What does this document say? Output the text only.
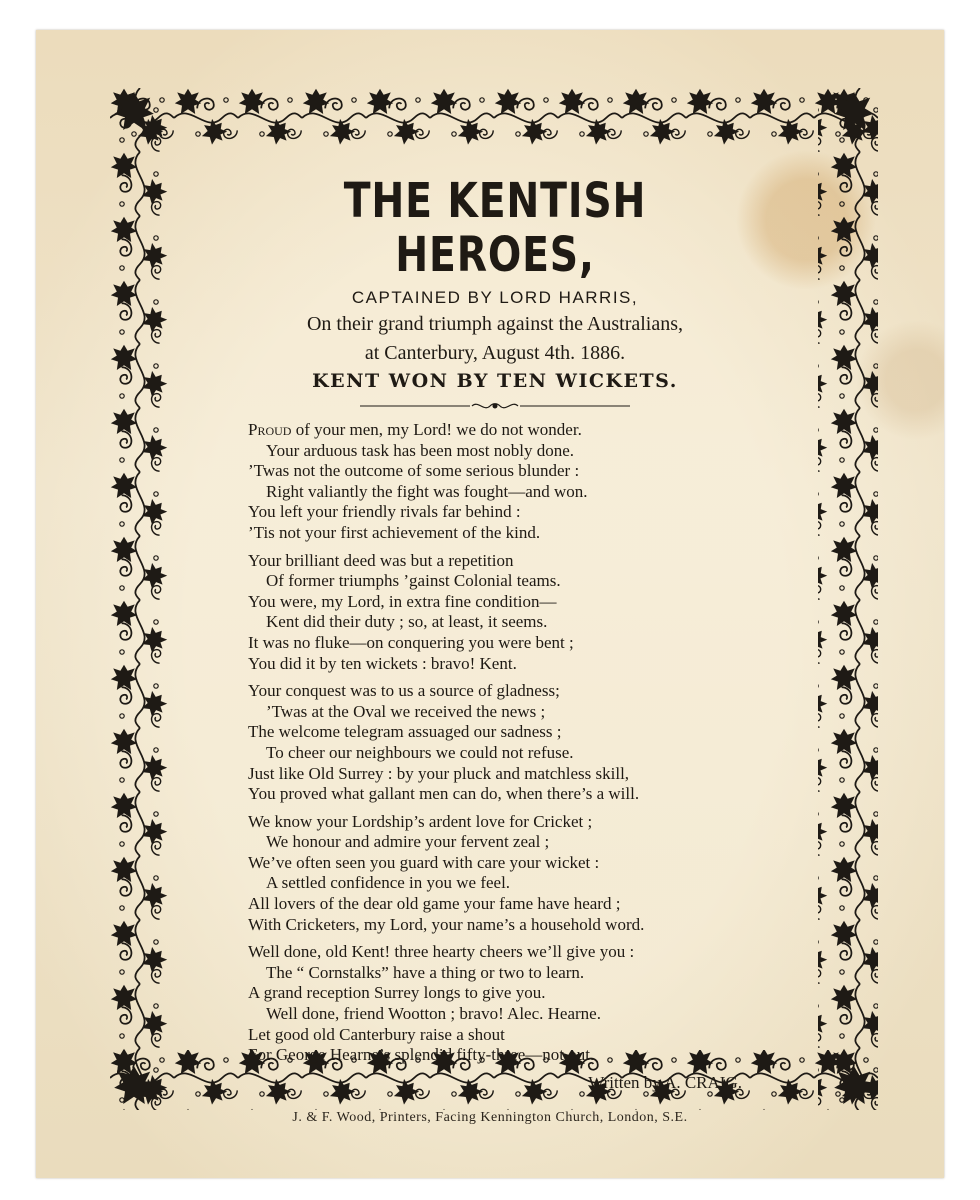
THE KENTISH HEROES,
CAPTAINED BY LORD HARRIS,
On their grand triumph against the Australians,
at Canterbury, August 4th. 1886.
KENT WON BY TEN WICKETS.
Proud of your men, my Lord! we do not wonder.
Your arduous task has been most nobly done.
’Twas not the outcome of some serious blunder :
Right valiantly the fight was fought—and won.
You left your friendly rivals far behind :
’Tis not your first achievement of the kind.
Your brilliant deed was but a repetition
Of former triumphs ’gainst Colonial teams.
You were, my Lord, in extra fine condition—
Kent did their duty ; so, at least, it seems.
It was no fluke—on conquering you were bent ;
You did it by ten wickets : bravo! Kent.
Your conquest was to us a source of gladness;
’Twas at the Oval we received the news ;
The welcome telegram assuaged our sadness ;
To cheer our neighbours we could not refuse.
Just like Old Surrey : by your pluck and matchless skill,
You proved what gallant men can do, when there’s a will.
We know your Lordship’s ardent love for Cricket ;
We honour and admire your fervent zeal ;
We’ve often seen you guard with care your wicket :
A settled confidence in you we feel.
All lovers of the dear old game your fame have heard ;
With Cricketers, my Lord, your name’s a household word.
Well done, old Kent! three hearty cheers we’ll give you :
The “ Cornstalks” have a thing or two to learn.
A grand reception Surrey longs to give you.
Well done, friend Wootton ; bravo! Alec. Hearne.
Let good old Canterbury raise a shout
For George Hearne’s splendid fifty-three—not out.
Written by A. CRAIG.
J. & F. Wood, Printers, Facing Kennington Church, London, S.E.
